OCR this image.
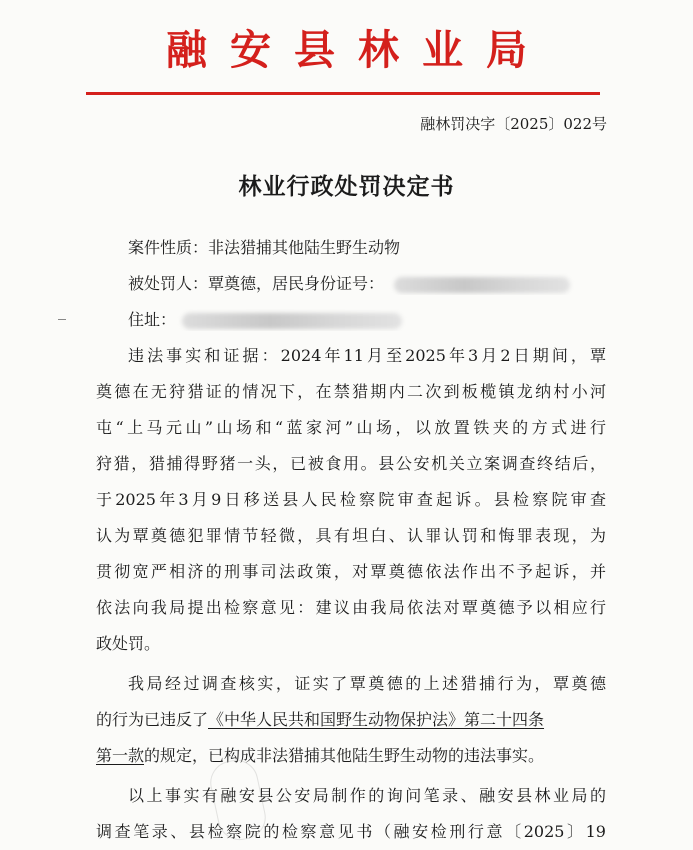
融安县林业局
融林罚决字〔2025〕022号
林业行政处罚决定书
案件性质：非法猎捕其他陆生野生动物
被处罚人：覃奠德，居民身份证号：
住址：
违法事实和证据：2024年11月至2025年3月2日期间，覃
奠德在无狩猎证的情况下，在禁猎期内二次到板榄镇龙纳村小河
屯“上马元山”山场和“蓝家河”山场，以放置铁夹的方式进行
狩猎，猎捕得野猪一头，已被食用。县公安机关立案调查终结后，
于2025年3月9日移送县人民检察院审查起诉。县检察院审查
认为覃奠德犯罪情节轻微，具有坦白、认罪认罚和悔罪表现，为
贯彻宽严相济的刑事司法政策，对覃奠德依法作出不予起诉，并
依法向我局提出检察意见：建议由我局依法对覃奠德予以相应行
政处罚。
我局经过调查核实，证实了覃奠德的上述猎捕行为，覃奠德
的行为已违反了《中华人民共和国野生动物保护法》第二十四条
第一款的规定，已构成非法猎捕其他陆生野生动物的违法事实。
以上事实有融安县公安局制作的询问笔录、融安县林业局的
调查笔录、县检察院的检察意见书（融安检刑行意〔2025〕19
